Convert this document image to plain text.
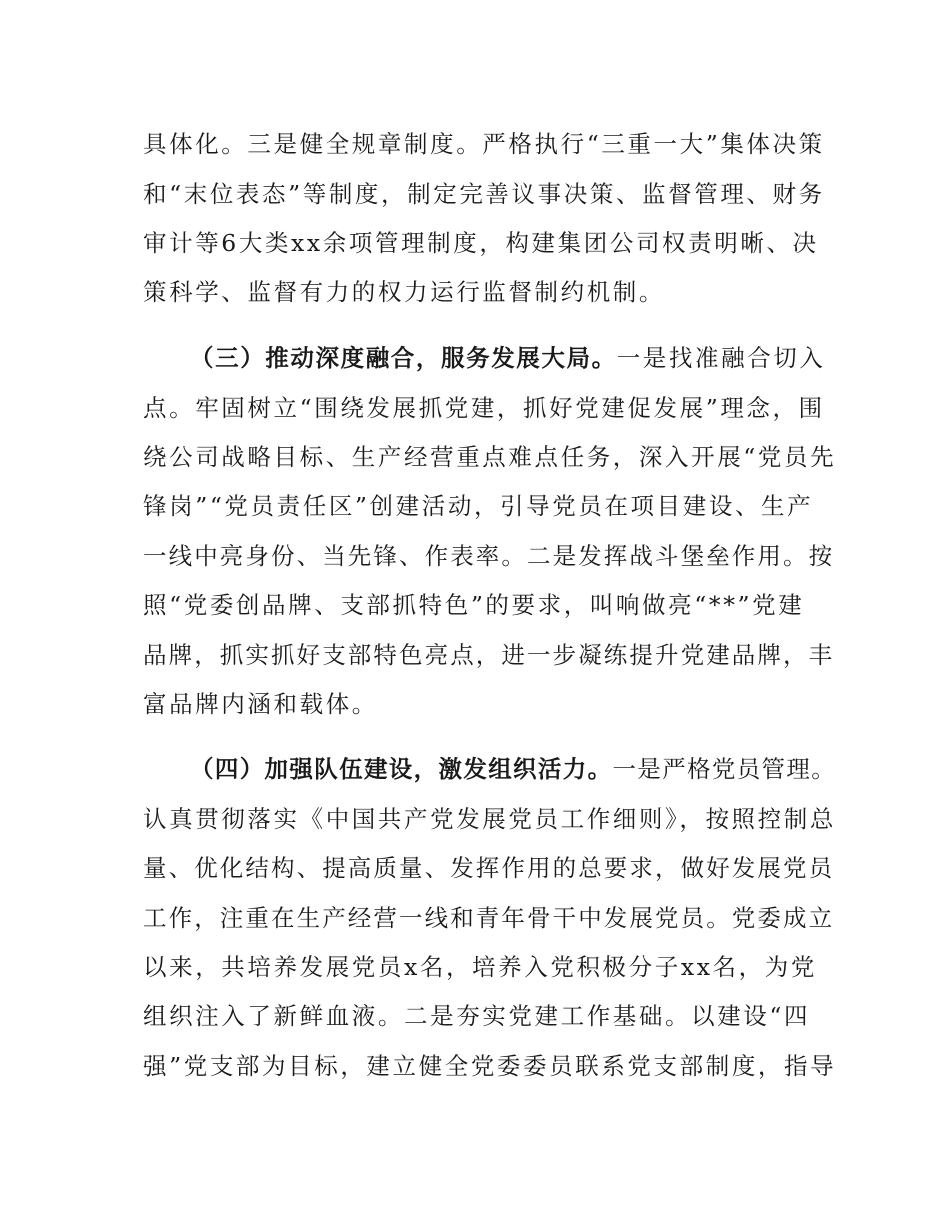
具体化。三是健全规章制度。严格执行“三重一大”集体决策
和“末位表态”等制度，制定完善议事决策、监督管理、财务
审计等6大类xx余项管理制度，构建集团公司权责明晰、决
策科学、监督有力的权力运行监督制约机制。
（三）推动深度融合，服务发展大局。一是找准融合切入
点。牢固树立“围绕发展抓党建，抓好党建促发展”理念，围
绕公司战略目标、生产经营重点难点任务，深入开展“党员先
锋岗”“党员责任区”创建活动，引导党员在项目建设、生产
一线中亮身份、当先锋、作表率。二是发挥战斗堡垒作用。按
照“党委创品牌、支部抓特色”的要求，叫响做亮“**”党建
品牌，抓实抓好支部特色亮点，进一步凝练提升党建品牌，丰
富品牌内涵和载体。
（四）加强队伍建设，激发组织活力。一是严格党员管理。
认真贯彻落实《中国共产党发展党员工作细则》，按照控制总
量、优化结构、提高质量、发挥作用的总要求，做好发展党员
工作，注重在生产经营一线和青年骨干中发展党员。党委成立
以来，共培养发展党员x名，培养入党积极分子xx名，为党
组织注入了新鲜血液。二是夯实党建工作基础。以建设“四
强”党支部为目标，建立健全党委委员联系党支部制度，指导
